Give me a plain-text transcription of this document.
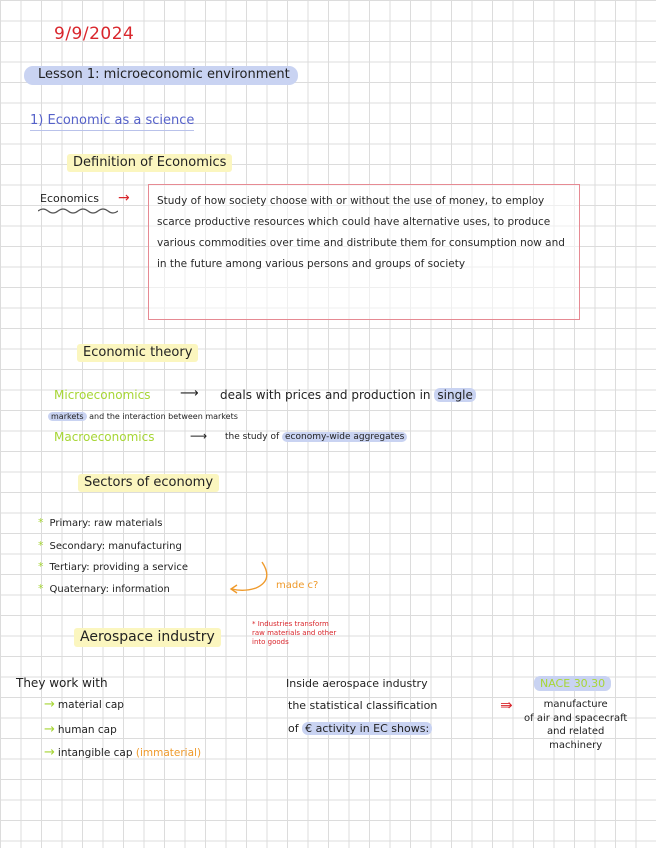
9/9/2024
Lesson 1: microeconomic environment
1) Economic as a science
Definition of Economics
Economics →	Study of how society choose with or without the use of money, to employ scarce productive resources which could have alternative uses, to produce various commodities over time and distribute them for consumption now and in the future among various persons and groups of society

Economic theory
Microeconomics ⟶ deals with prices and production in single
markets and the interaction between markets
Macroeconomics	⟶ the study of economy-wide aggregates
Sectors of economy
* Primary: raw materials
* Secondary: manufacturing
* Tertiary: providing a service
* Quaternary: information	made c?
Aerospace industry
* Industries transform
raw materials and other
into goods
They work with
→ material cap
→ human cap
→ intangible cap (immaterial)
Inside aerospace industry
the statistical classification
of € activity in EC shows:
⇛
NACE 30.30
manufacture
of air and spacecraft
and related
machinery
